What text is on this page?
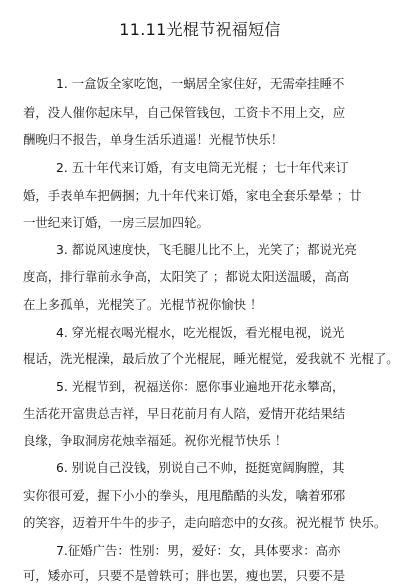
11.11光棍节祝福短信
1. 一盒饭全家吃饱，一蜗居全家住好，无需牵挂睡不
着，没人催你起床早，自己保管钱包，工资卡不用上交，应
酬晚归不报告，单身生活乐逍遥！光棍节快乐！
2. 五十年代来订婚，有支电筒无光棍 ；七十年代来订
婚，手表单车把俩捆；九十年代来订婚，家电全套乐晕晕 ；廿
一世纪来订婚，一房三层加四轮。
3. 都说风速度快，飞毛腿儿比不上，光笑了；都说光亮
度高，排行靠前永争高，太阳笑了 ；都说太阳送温暖，高高
在上多孤单，光棍笑了。光棍节祝你愉快 ！
4. 穿光棍衣喝光棍水，吃光棍饭，看光棍电视，说光
棍话，洗光棍澡，最后放了个光棍屁，睡光棍觉，爱我就不 光棍了。
5. 光棍节到，祝福送你：愿你事业遍地开花永攀高，
生活花开富贵总吉祥，早日花前月有人陪，爱情开花结果结
良缘，争取洞房花烛幸福延。祝你光棍节快乐 ！
6. 别说自己没钱，别说自己不帅，挺挺宽阔胸膛，其
实你很可爱，握下小小的拳头，甩甩酷酷的头发，噙着邪邪
的笑容，迈着开牛牛的步子，走向暗恋中的女孩。祝光棍节 快乐。
7.征婚广告：性别：男，爱好：女，具体要求：高亦
可，矮亦可，只要不是曾轶可；胖也罢，瘦也罢，只要不是
